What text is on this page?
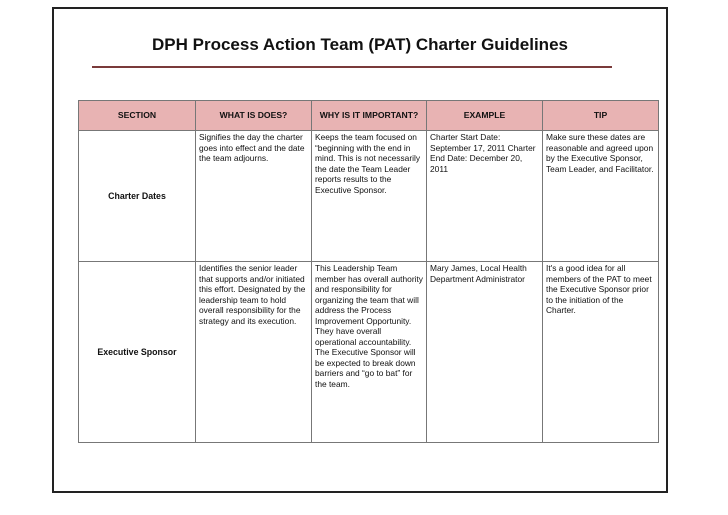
DPH Process Action Team (PAT) Charter Guidelines
SECTION	WHAT IS DOES?	WHY IS IT IMPORTANT?	EXAMPLE	TIP
Charter Dates	Signifies the day the charter goes into effect and the date the team adjourns.	Keeps the team focused on “beginning with the end in mind. This is not necessarily the date the Team Leader reports results to the Executive Sponsor.	Charter Start Date: September 17, 2011 Charter End Date: December 20, 2011	Make sure these dates are reasonable and agreed upon by the Executive Sponsor, Team Leader, and Facilitator.
Executive Sponsor	Identifies the senior leader that supports and/or initiated this effort. Designated by the leadership team to hold overall responsibility for the strategy and its execution.	This Leadership Team member has overall authority and responsibility for organizing the team that will address the Process Improvement Opportunity. They have overall operational accountability. The Executive Sponsor will be expected to break down barriers and “go to bat” for the team.	Mary James, Local Health Department Administrator	It's a good idea for all members of the PAT to meet the Executive Sponsor prior to the initiation of the Charter.
